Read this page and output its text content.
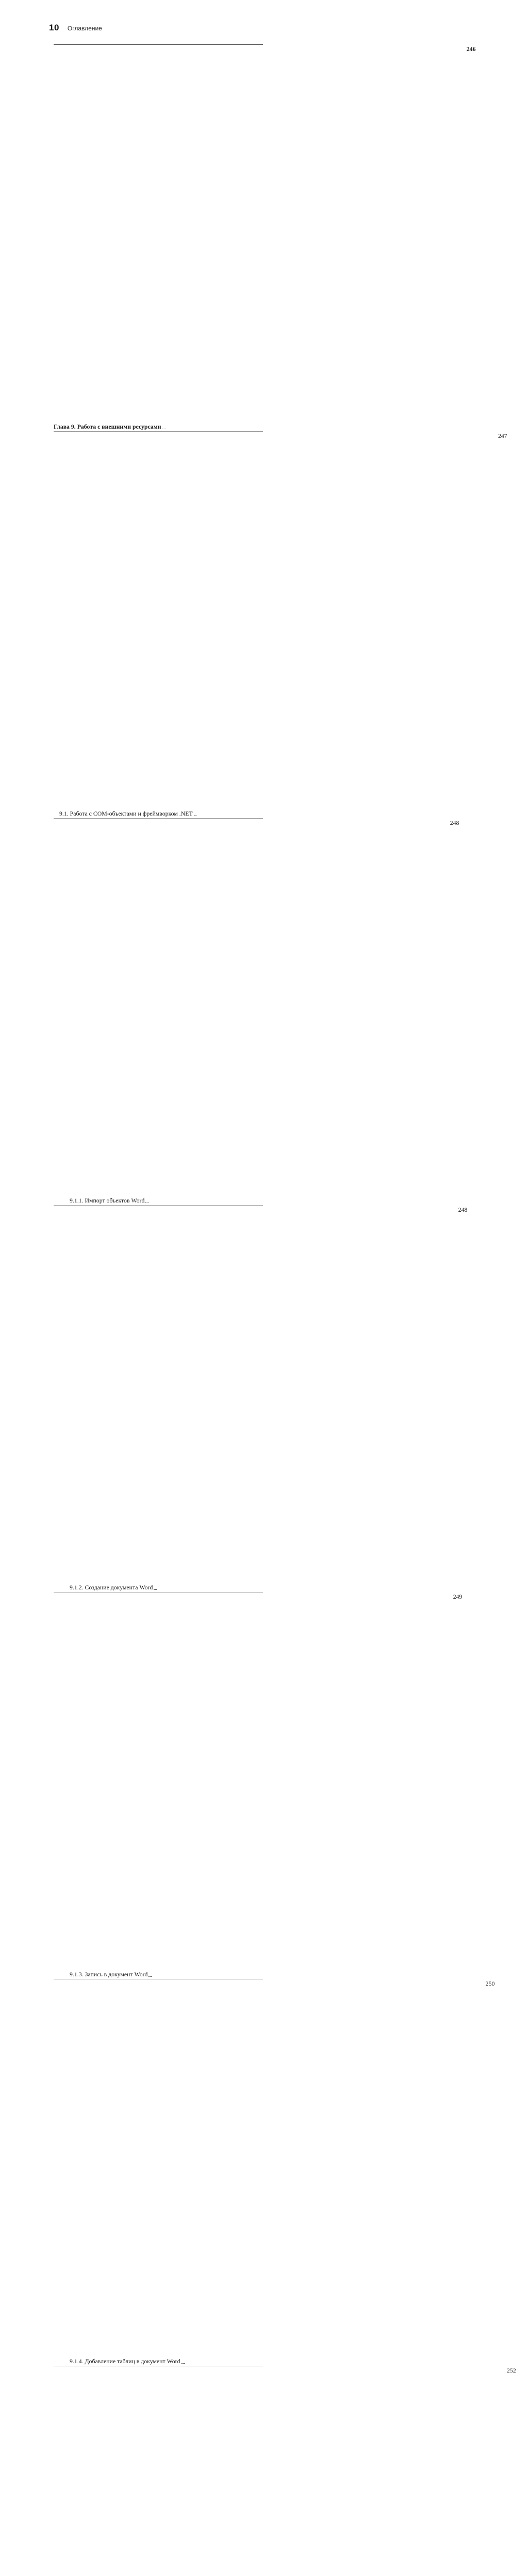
10 Оглавление
Глава 9. Работа с внешними ресурсами
246
9.1. Работа с COM-объектами и фреймворком .NET
247
9.1.1. Импорт объектов Word
248
9.1.2. Создание документа Word
248
9.1.3. Запись в документ Word
249
9.1.4. Добавление таблиц в документ Word
250
252
